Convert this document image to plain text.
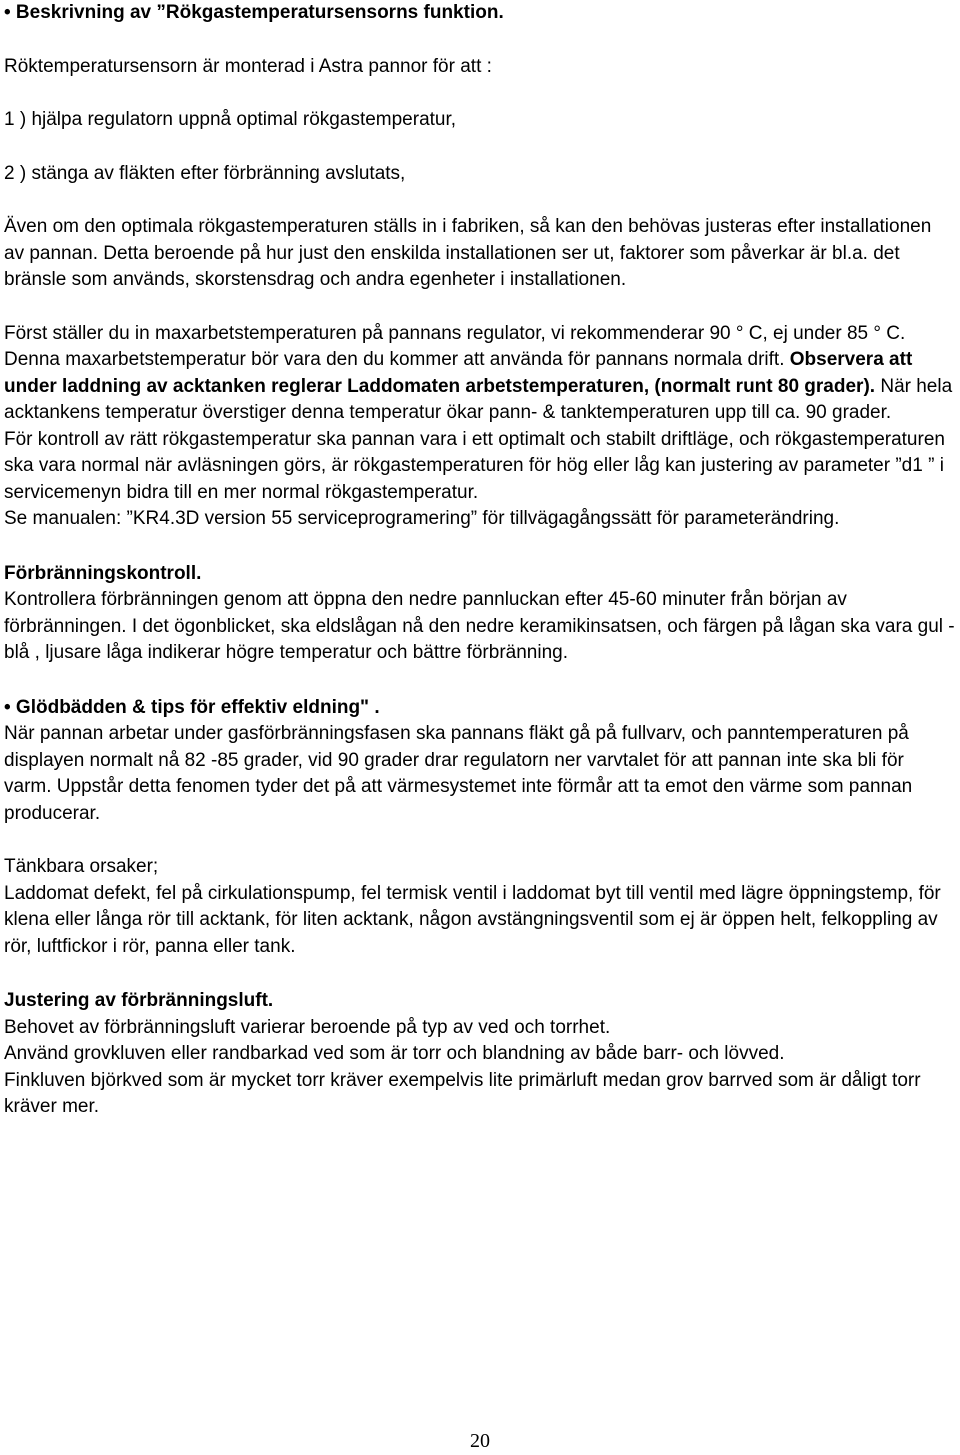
• Beskrivning av ”Rökgastemperatursensorns funktion.

Röktemperatursensorn är monterad i Astra pannor för att :

1 ) hjälpa regulatorn uppnå optimal rökgastemperatur,

2 ) stänga av fläkten efter förbränning avslutats,

Även om den optimala rökgastemperaturen ställs in i fabriken, så kan den behövas justeras efter installationen av pannan. Detta beroende på hur just den enskilda installationen ser ut, faktorer som påverkar är bl.a. det bränsle som används, skorstensdrag och andra egenheter i installationen.

Först ställer du in maxarbetstemperaturen på pannans regulator, vi rekommenderar 90 ° C, ej under 85 ° C. Denna maxarbetstemperatur bör vara den du kommer att använda för pannans normala drift. Observera att under laddning av acktanken reglerar Laddomaten arbetstemperaturen, (normalt runt 80 grader). När hela acktankens temperatur överstiger denna temperatur ökar pann- & tanktemperaturen upp till ca. 90 grader.

För kontroll av rätt rökgastemperatur ska pannan vara i ett optimalt och stabilt driftläge, och rökgastemperaturen ska vara normal när avläsningen görs, är rökgastemperaturen för hög eller låg kan justering av parameter ”d1 ” i servicemenyn bidra till en mer normal rökgastemperatur.

Se manualen: ”KR4.3D version 55 serviceprogramering” för tillvägagångssätt för parameterändring.

Förbränningskontroll.

Kontrollera förbränningen genom att öppna den nedre pannluckan efter 45-60 minuter från början av förbränningen. I det ögonblicket, ska eldslågan nå den nedre keramikinsatsen, och färgen på lågan ska vara gul - blå , ljusare låga indikerar högre temperatur och bättre förbränning.

• Glödbädden & tips för effektiv eldning" .

När pannan arbetar under gasförbränningsfasen ska pannans fläkt gå på fullvarv, och panntemperaturen på displayen normalt nå 82 -85 grader, vid 90 grader drar regulatorn ner varvtalet för att pannan inte ska bli för varm. Uppstår detta fenomen tyder det på att värmesystemet inte förmår att ta emot den värme som pannan producerar.

Tänkbara orsaker;

Laddomat defekt, fel på cirkulationspump, fel termisk ventil i laddomat byt till ventil med lägre öppningstemp, för klena eller långa rör till acktank, för liten acktank, någon avstängningsventil som ej är öppen helt, felkoppling av rör, luftfickor i rör, panna eller tank.

Justering av förbränningsluft.

Behovet av förbränningsluft varierar beroende på typ av ved och torrhet.

Använd grovkluven eller randbarkad ved som är torr och blandning av både barr- och lövved.

Finkluven björkved som är mycket torr kräver exempelvis lite primärluft medan grov barrved som är dåligt torr kräver mer.

20
